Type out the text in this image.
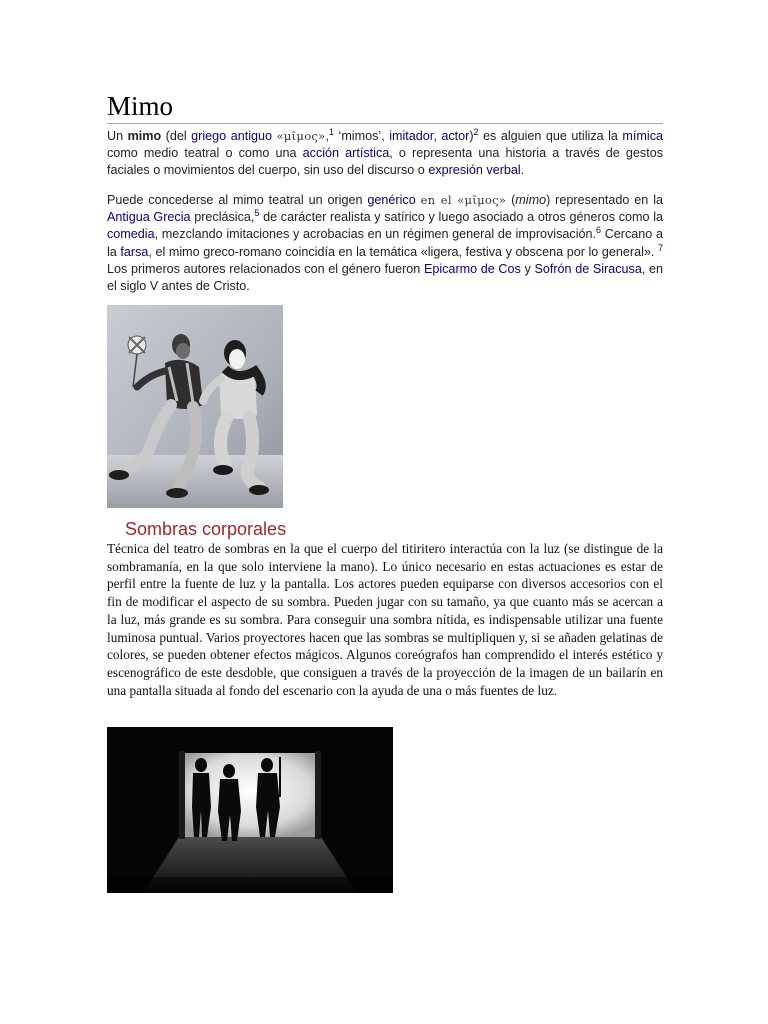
Mimo

Un mimo (del griego antiguo «μῖμος»,$^1$ ‘mimos’, imitador, actor)$^2$ es alguien que utiliza la mímica como medio teatral o como una acción artística, o representa una historia a través de gestos faciales o movimientos del cuerpo, sin uso del discurso o expresión verbal.

Puede concederse al mimo teatral un origen genérico en el «μῖμος» (mimo) representado en la Antigua Grecia preclásica,$^5$ de carácter realista y satírico y luego asociado a otros géneros como la comedia, mezclando imitaciones y acrobacias en un régimen general de improvisación.$^6$ Cercano a la farsa, el mimo greco-romano coincidía en la temática «ligera, festiva y obscena por lo general». $^7$ Los primeros autores relacionados con el género fueron Epicarmo de Cos y Sofrón de Siracusa, en el siglo V antes de Cristo.

Sombras corporales

Técnica del teatro de sombras en la que el cuerpo del titiritero interactúa con la luz (se distingue de la sombramanía, en la que solo interviene la mano). Lo único necesario en estas actuaciones es estar de perfil entre la fuente de luz y la pantalla. Los actores pueden equiparse con diversos accesorios con el fin de modificar el aspecto de su sombra. Pueden jugar con su tamaño, ya que cuanto más se acercan a la luz, más grande es su sombra. Para conseguir una sombra nítida, es indispensable utilizar una fuente luminosa puntual. Varios proyectores hacen que las sombras se multipliquen y, si se añaden gelatinas de colores, se pueden obtener efectos mágicos. Algunos coreógrafos han comprendido el interés estético y escenográfico de este desdoble, que consiguen a través de la proyección de la imagen de un bailarín en una pantalla situada al fondo del escenario con la ayuda de una o más fuentes de luz.
